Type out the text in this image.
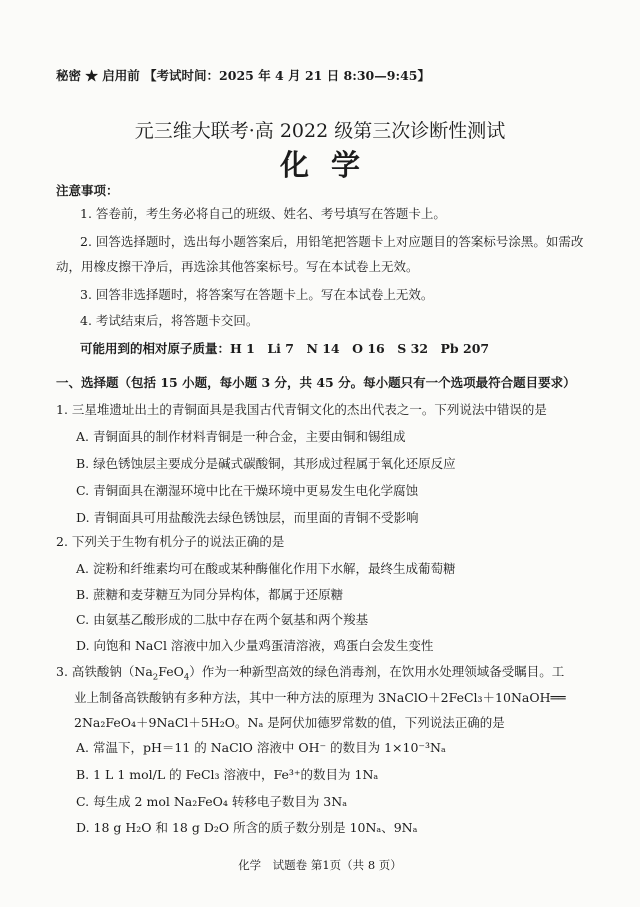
秘密 ★ 启用前 【考试时间：2025 年 4 月 21 日 8:30—9:45】
元三维大联考·高 2022 级第三次诊断性测试
化学
注意事项：
1. 答卷前，考生务必将自己的班级、姓名、考号填写在答题卡上。
2. 回答选择题时，选出每小题答案后，用铅笔把答题卡上对应题目的答案标号涂黑。如需改动，用橡皮擦干净后，再选涂其他答案标号。写在本试卷上无效。
3. 回答非选择题时，将答案写在答题卡上。写在本试卷上无效。
4. 考试结束后，将答题卡交回。
可能用到的相对原子质量：H 1　Li 7　N 14　O 16　S 32　Pb 207
一、选择题（包括 15 小题，每小题 3 分，共 45 分。每小题只有一个选项最符合题目要求）
1. 三星堆遗址出土的青铜面具是我国古代青铜文化的杰出代表之一。下列说法中错误的是
A. 青铜面具的制作材料青铜是一种合金，主要由铜和锡组成
B. 绿色锈蚀层主要成分是碱式碳酸铜，其形成过程属于氧化还原反应
C. 青铜面具在潮湿环境中比在干燥环境中更易发生电化学腐蚀
D. 青铜面具可用盐酸洗去绿色锈蚀层，而里面的青铜不受影响
2. 下列关于生物有机分子的说法正确的是
A. 淀粉和纤维素均可在酸或某种酶催化作用下水解，最终生成葡萄糖
B. 蔗糖和麦芽糖互为同分异构体，都属于还原糖
C. 由氨基乙酸形成的二肽中存在两个氨基和两个羧基
D. 向饱和 NaCl 溶液中加入少量鸡蛋清溶液，鸡蛋白会发生变性
3. 高铁酸钠$(Na_2FeO_4)$作为一种新型高效的绿色消毒剂，在饮用水处理领域备受瞩目。工
业上制备高铁酸钠有多种方法，其中一种方法的原理为 3NaClO＋2FeCl₃＋10NaOH══
2Na₂FeO₄＋9NaCl＋5H₂O。Nₐ 是阿伏加德罗常数的值，下列说法正确的是
A. 常温下，pH＝11 的 NaClO 溶液中 OH⁻ 的数目为 1×10⁻³Nₐ
B. 1 L 1 mol/L 的 FeCl₃ 溶液中，Fe³⁺的数目为 1Nₐ
C. 每生成 2 mol Na₂FeO₄ 转移电子数目为 3Nₐ
D. 18 g H₂O 和 18 g D₂O 所含的质子数分别是 10Nₐ、9Nₐ
化学　试题卷 第1页（共 8 页）
